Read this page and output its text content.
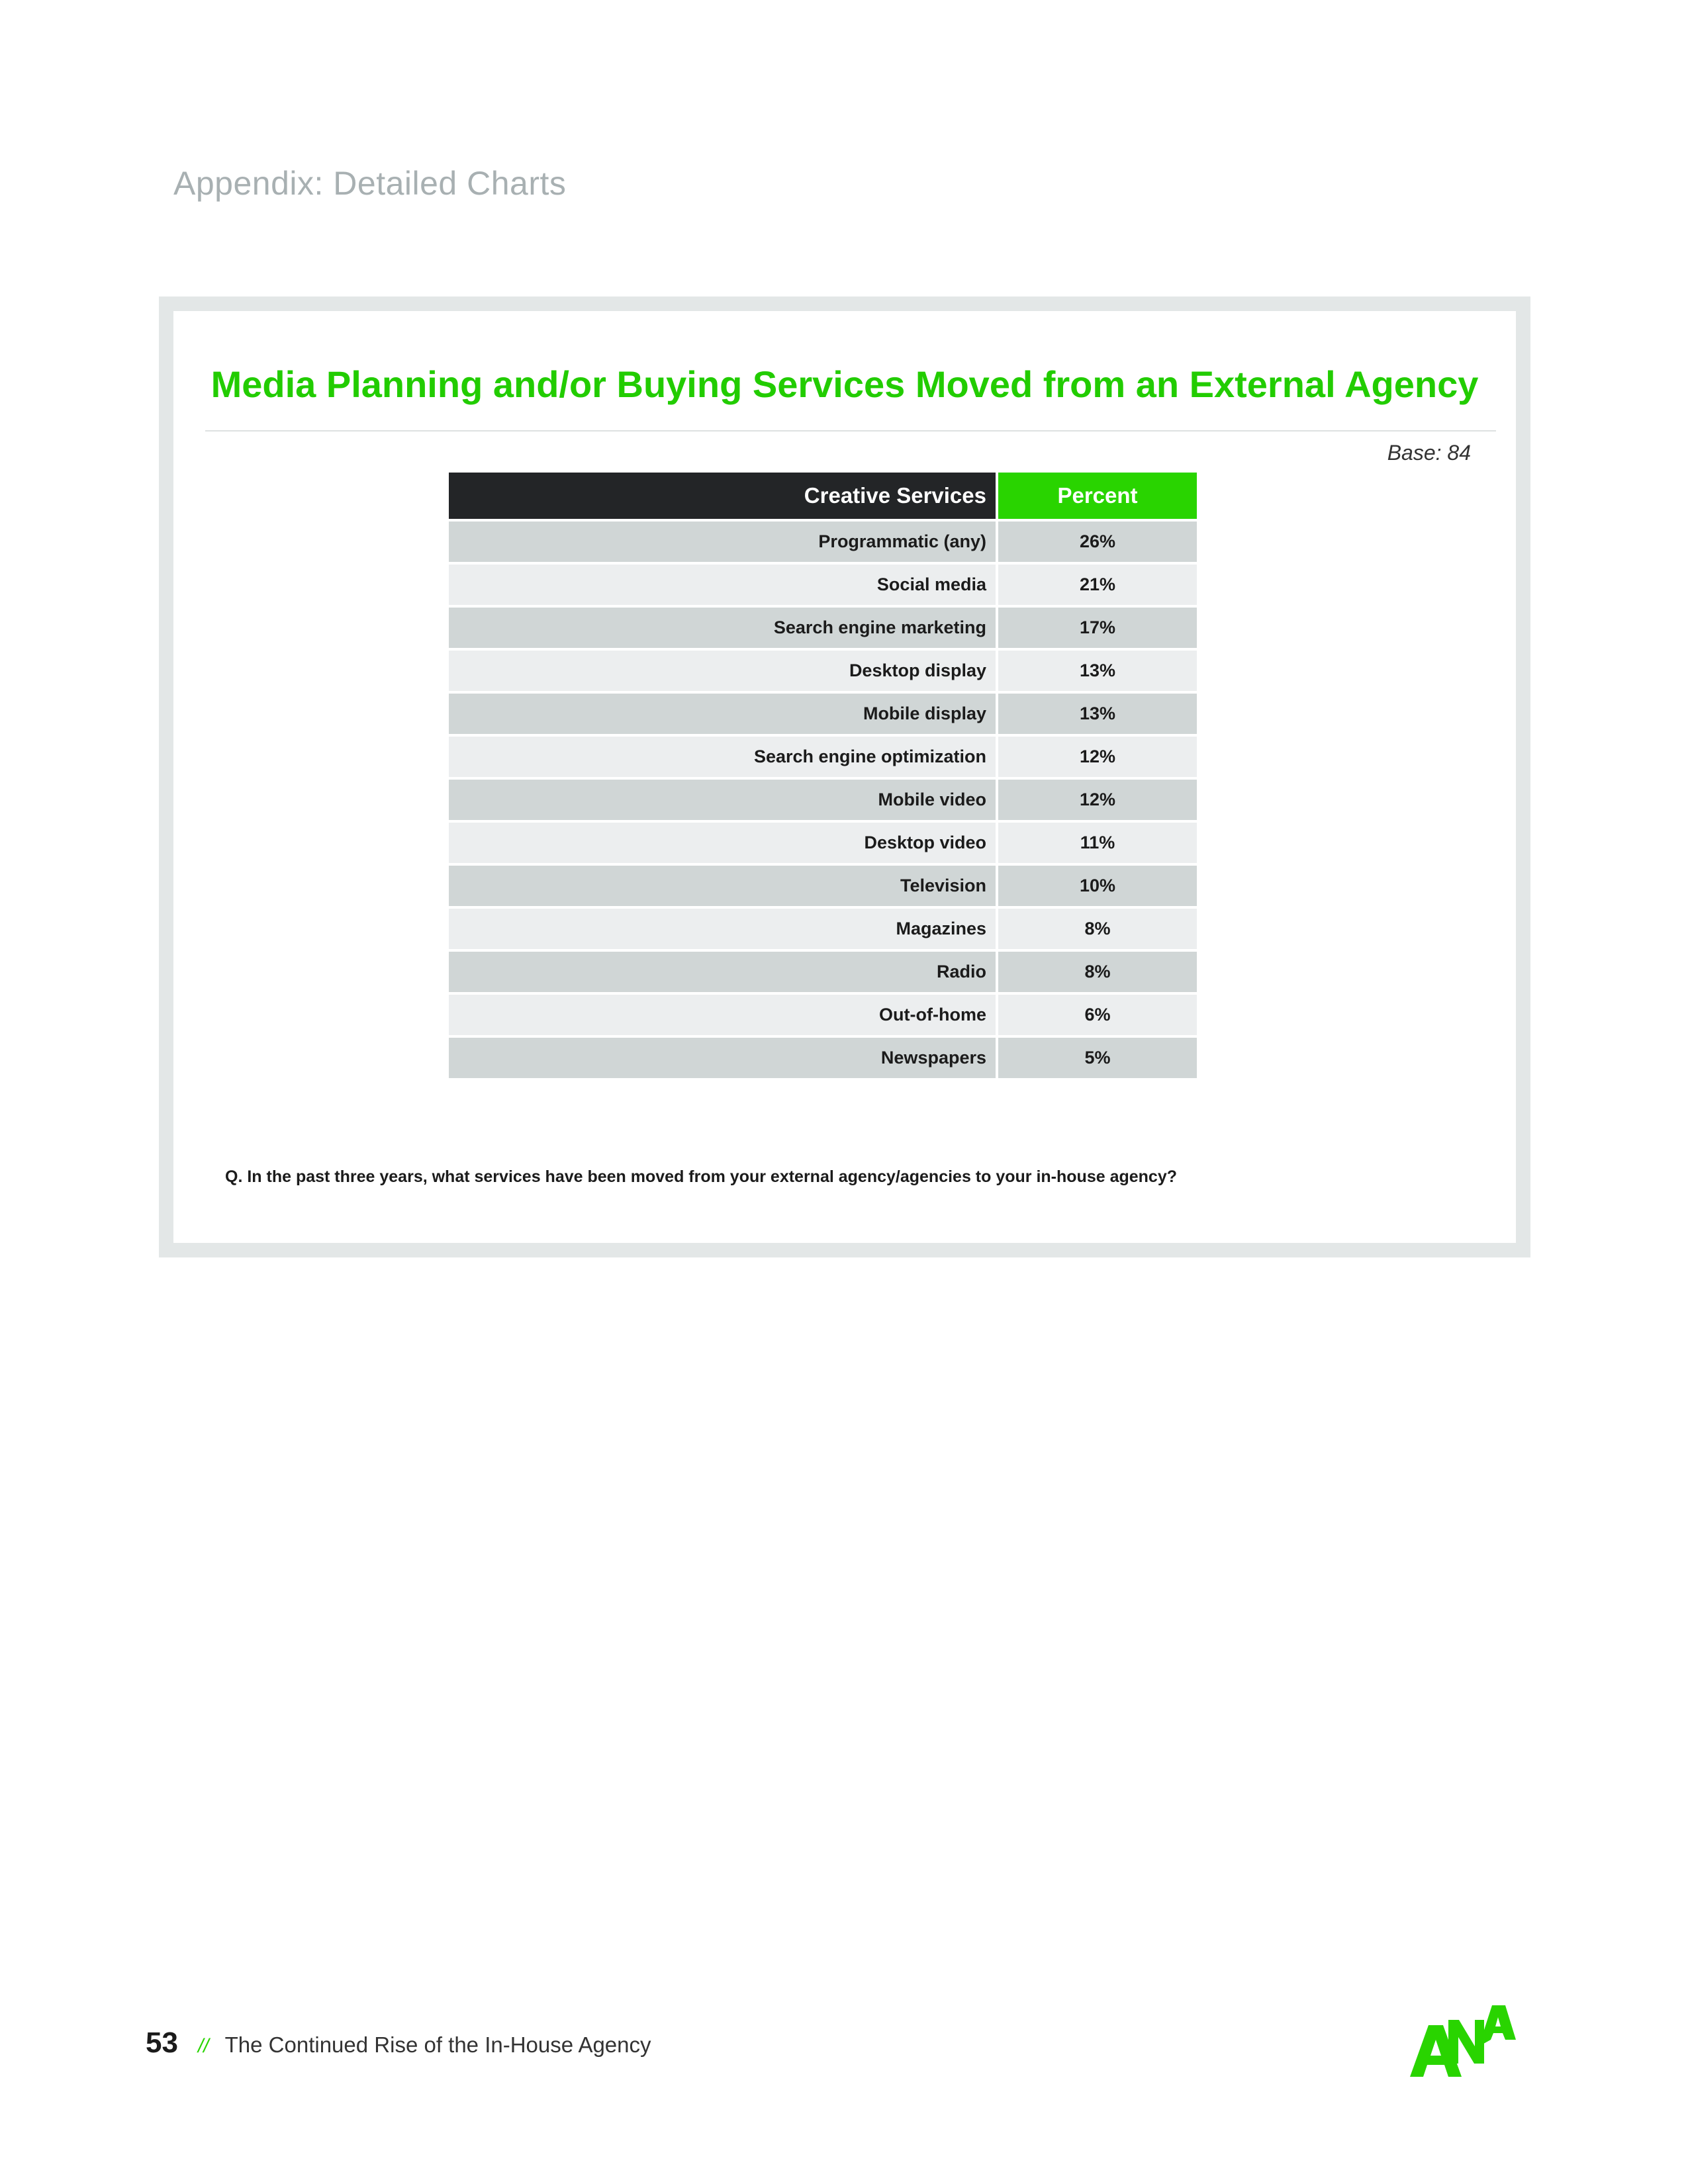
Appendix: Detailed Charts
Media Planning and/or Buying Services Moved from an External Agency
Base: 84
Creative Services	Percent
Programmatic (any)	26%
Social media	21%
Search engine marketing	17%
Desktop display	13%
Mobile display	13%
Search engine optimization	12%
Mobile video	12%
Desktop video	11%
Television	10%
Magazines	8%
Radio	8%
Out-of-home	6%
Newspapers	5%
Q. In the past three years, what services have been moved from your external agency/agencies to your in-house agency?
53 // The Continued Rise of the In-House Agency
